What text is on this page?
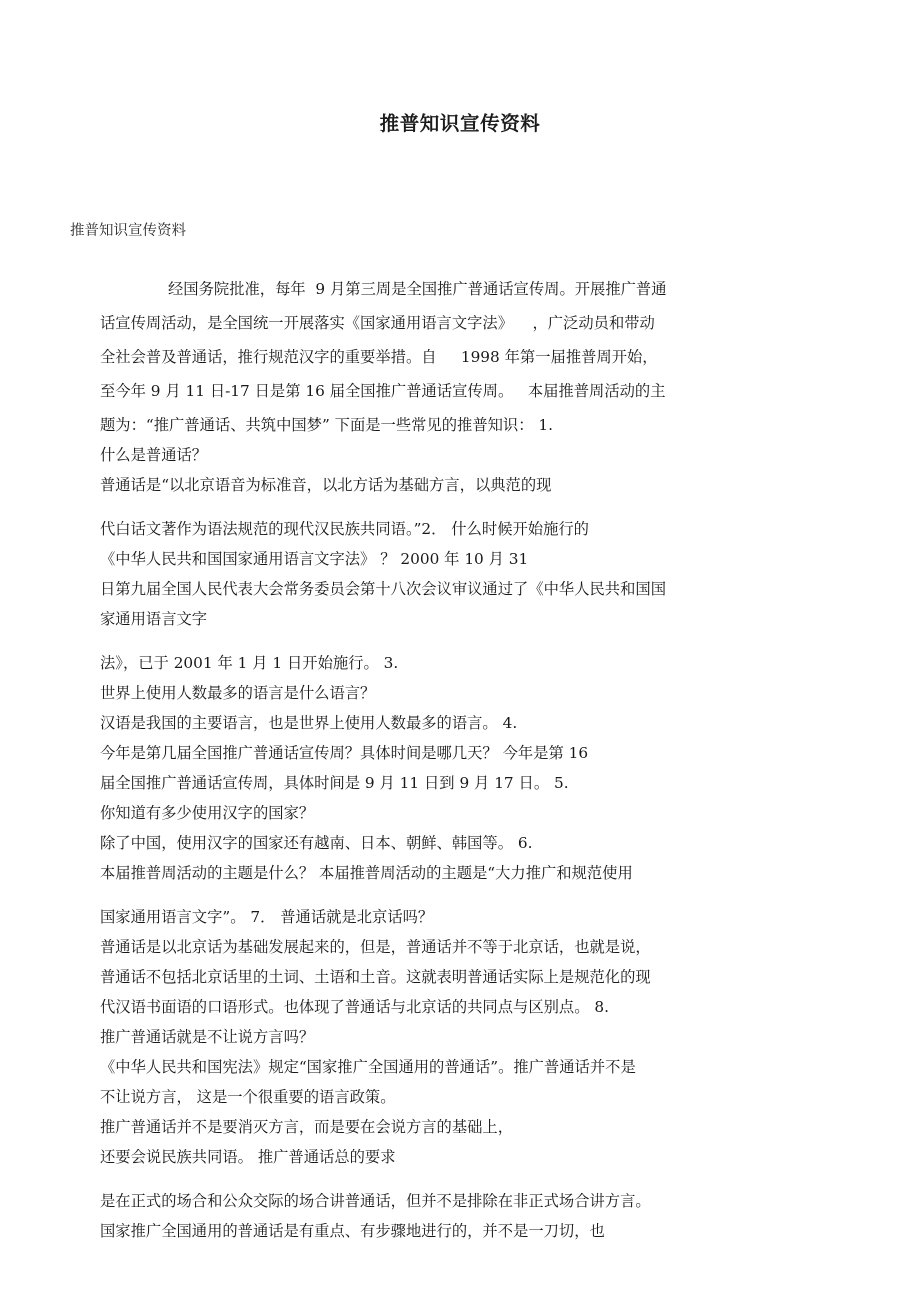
推普知识宣传资料
推普知识宣传资料
经国务院批准，每年  9 月第三周是全国推广普通话宣传周。开展推广普通
话宣传周活动，是全国统一开展落实《国家通用语言文字法》    ，广泛动员和带动
全社会普及普通话，推行规范汉字的重要举措。自     1998 年第一届推普周开始，
至今年 9 月 11 日-17 日是第 16 届全国推广普通话宣传周。   本届推普周活动的主
题为：“推广普通话、共筑中国梦” 下面是一些常见的推普知识： 1.
什么是普通话？
普通话是“以北京语音为标准音，以北方话为基础方言，以典范的现
代白话文著作为语法规范的现代汉民族共同语。”2． 什么时候开始施行的
《中华人民共和国国家通用语言文字法》 ？ 2000 年 10 月 31
日第九届全国人民代表大会常务委员会第十八次会议审议通过了《中华人民共和国国
家通用语言文字
法》，已于 2001 年 1 月 1 日开始施行。 3.
世界上使用人数最多的语言是什么语言？
汉语是我国的主要语言，也是世界上使用人数最多的语言。 4.
今年是第几届全国推广普通话宣传周？具体时间是哪几天？ 今年是第 16
届全国推广普通话宣传周，具体时间是 9 月 11 日到 9 月 17 日。 5.
你知道有多少使用汉字的国家？
除了中国，使用汉字的国家还有越南、日本、朝鲜、韩国等。 6.
本届推普周活动的主题是什么？ 本届推普周活动的主题是“大力推广和规范使用
国家通用语言文字”。 7． 普通话就是北京话吗？
普通话是以北京话为基础发展起来的，但是，普通话并不等于北京话，也就是说，
普通话不包括北京话里的土词、土语和土音。这就表明普通话实际上是规范化的现
代汉语书面语的口语形式。也体现了普通话与北京话的共同点与区别点。 8.
推广普通话就是不让说方言吗？
《中华人民共和国宪法》规定“国家推广全国通用的普通话”。推广普通话并不是
不让说方言， 这是一个很重要的语言政策。
推广普通话并不是要消灭方言，而是要在会说方言的基础上，
还要会说民族共同语。 推广普通话总的要求
是在正式的场合和公众交际的场合讲普通话，但并不是排除在非正式场合讲方言。
国家推广全国通用的普通话是有重点、有步骤地进行的，并不是一刀切，也
